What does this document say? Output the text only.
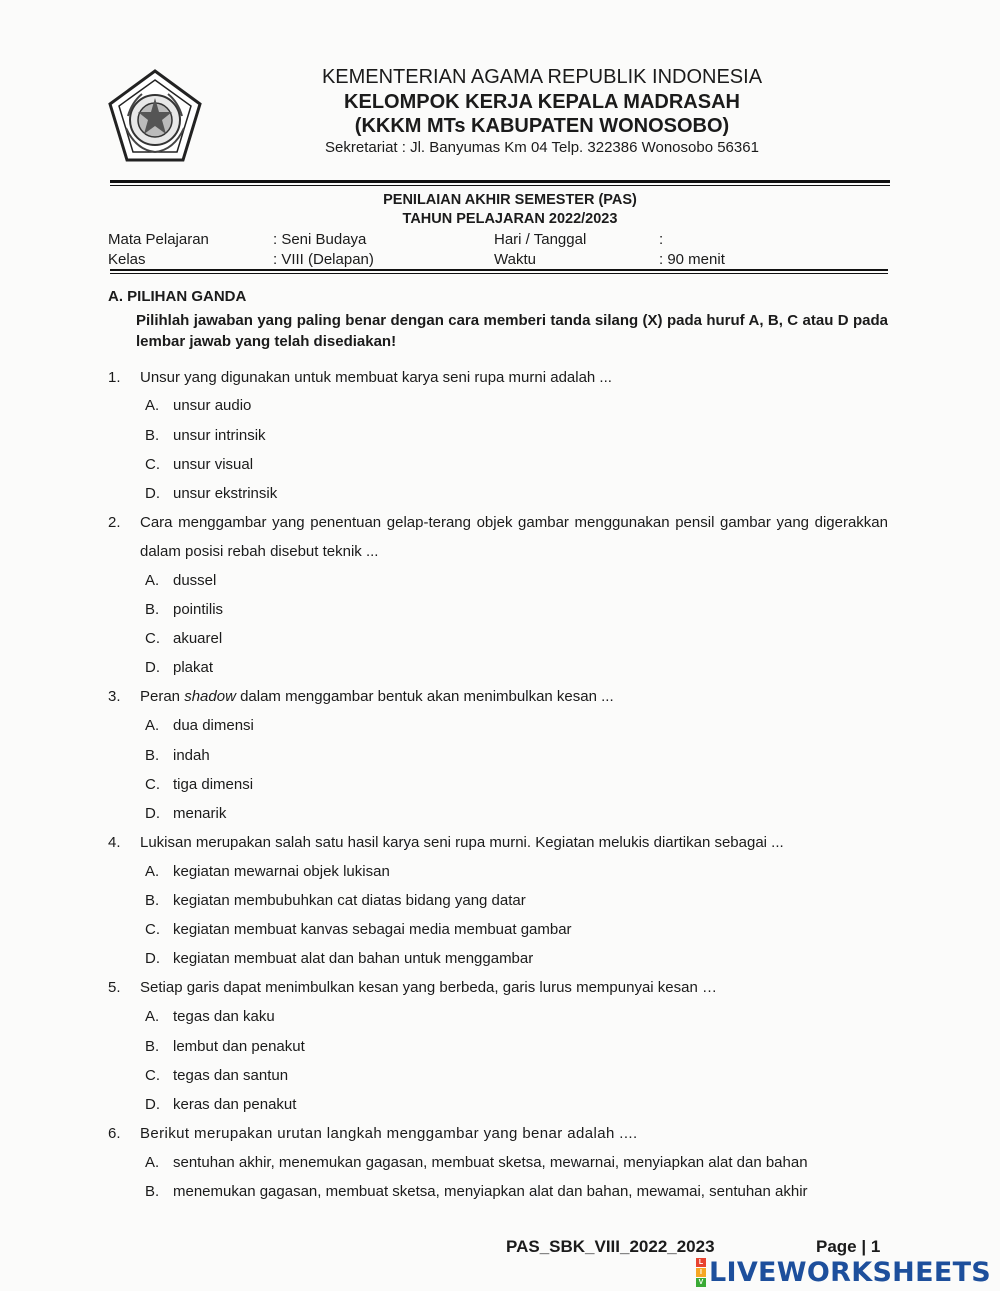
KEMENTERIAN AGAMA REPUBLIK INDONESIA
KELOMPOK KERJA KEPALA MADRASAH
(KKKM MTs KABUPATEN WONOSOBO)
Sekretariat : Jl. Banyumas Km 04 Telp. 322386 Wonosobo 56361
PENILAIAN AKHIR SEMESTER (PAS)
TAHUN PELAJARAN 2022/2023
Mata Pelajaran	: Seni Budaya	Hari / Tanggal	:
Kelas	: VIII (Delapan)	Waktu	: 90 menit
A. PILIHAN GANDA
Pilihlah jawaban yang paling benar dengan cara memberi tanda silang (X) pada huruf A, B, C atau D pada lembar jawab yang telah disediakan!
1. Unsur yang digunakan untuk membuat karya seni rupa murni adalah ...
A. unsur audio
B. unsur intrinsik
C. unsur visual
D. unsur ekstrinsik
2. Cara menggambar yang penentuan gelap-terang objek gambar menggunakan pensil gambar yang digerakkan dalam posisi rebah disebut teknik ...
A. dussel
B. pointilis
C. akuarel
D. plakat
3. Peran shadow dalam menggambar bentuk akan menimbulkan kesan ...
A. dua dimensi
B. indah
C. tiga dimensi
D. menarik
4. Lukisan merupakan salah satu hasil karya seni rupa murni. Kegiatan melukis diartikan sebagai ...
A. kegiatan mewarnai objek lukisan
B. kegiatan membubuhkan cat diatas bidang yang datar
C. kegiatan membuat kanvas sebagai media membuat gambar
D. kegiatan membuat alat dan bahan untuk menggambar
5. Setiap garis dapat menimbulkan kesan yang berbeda, garis lurus mempunyai kesan …
A. tegas dan kaku
B. lembut dan penakut
C. tegas dan santun
D. keras dan penakut
6. Berikut merupakan urutan langkah menggambar yang benar adalah ....
A. sentuhan akhir, menemukan gagasan, membuat sketsa, mewarnai, menyiapkan alat dan bahan
B. menemukan gagasan, membuat sketsa, menyiapkan alat dan bahan, mewamai, sentuhan akhir
PAS_SBK_VIII_2022_2023	Page | 1
L
I
V LIVEWORKSHEETS
